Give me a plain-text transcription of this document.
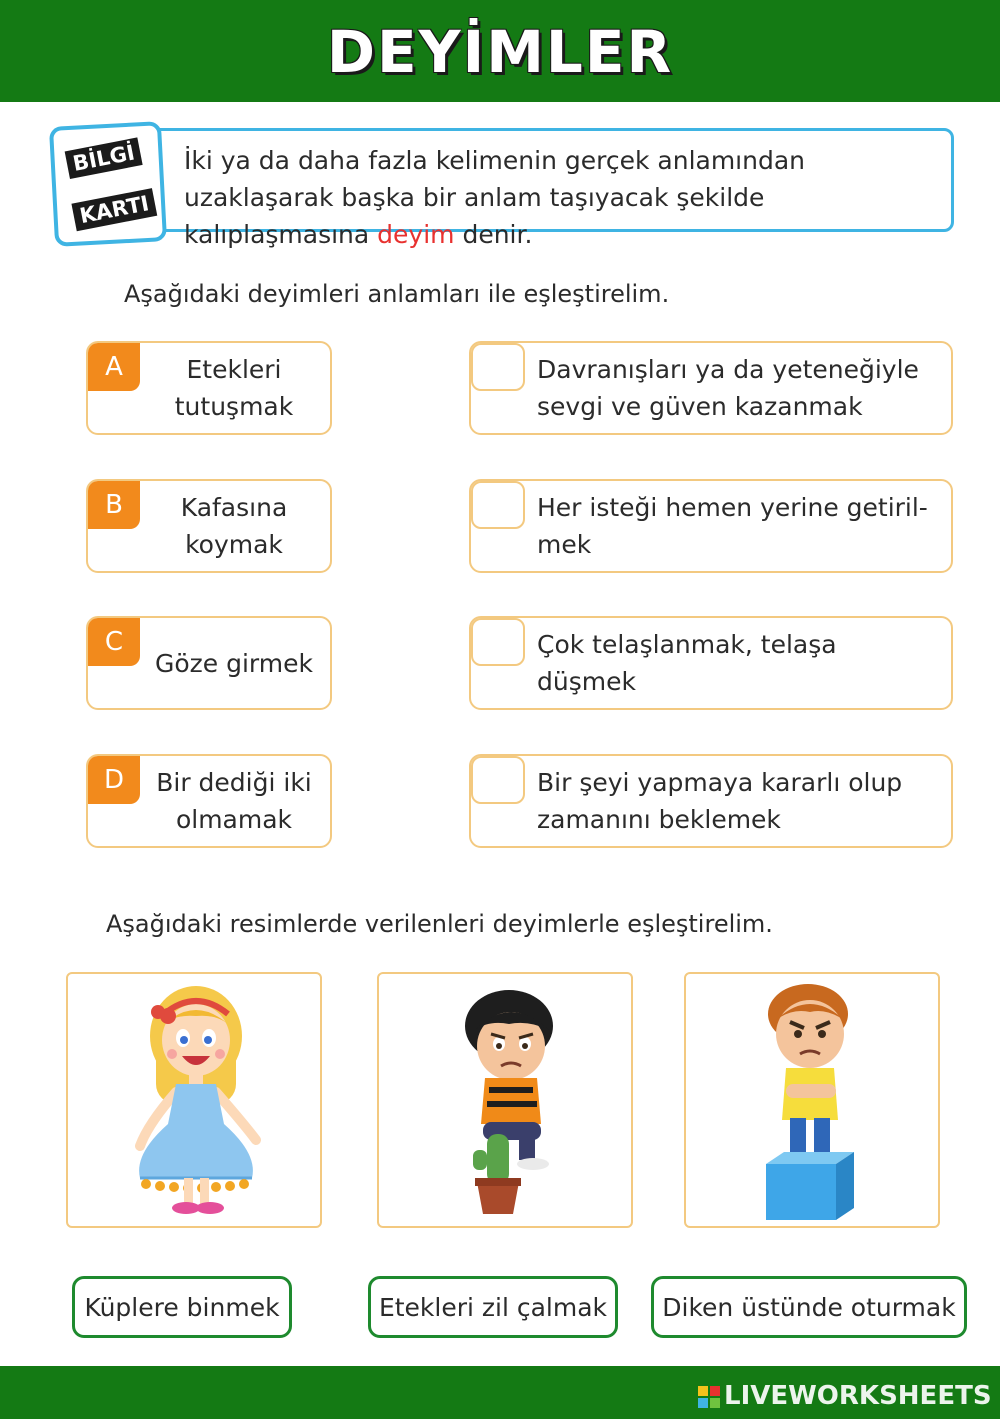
DEYİMLER
BİLGİ
KARTI
İki ya da daha fazla kelimenin gerçek anlamından uzaklaşarak başka bir anlam taşıyacak şekilde kalıplaşmasına deyim denir.
Aşağıdaki deyimleri anlamları ile eşleştirelim.
A	Etekleri tutuşmak
B	Kafasına koymak
C
Göze girmek
D	Bir dediği iki olmamak
Davranışları ya da yeteneğiyle sevgi ve güven kazanmak
Her isteği hemen yerine getiril-mek
Çok telaşlanmak, telaşa düşmek
Bir şeyi yapmaya kararlı olup zamanını beklemek
Aşağıdaki resimlerde verilenleri deyimlerle eşleştirelim.
Küplere binmek	Etekleri zil çalmak	Diken üstünde oturmak
LIVEWORKSHEETS
